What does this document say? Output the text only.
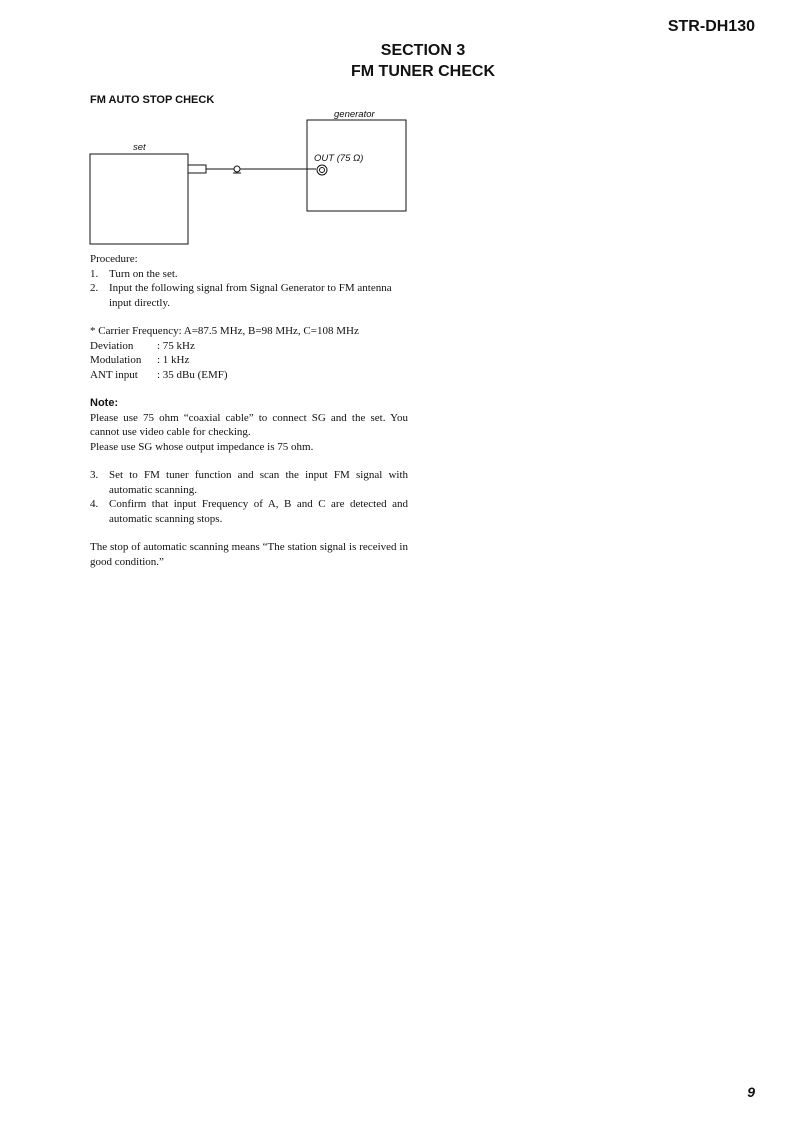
STR-DH130
SECTION 3
FM TUNER CHECK
FM AUTO STOP CHECK
set
generator
OUT (75 Ω)

Procedure:

1. Turn on the set.
2. Input the following signal from Signal Generator to FM antenna input directly.

* Carrier Frequency: A=87.5 MHz, B=98 MHz, C=108 MHz

Deviation	: 75 kHz
Modulation	: 1 kHz
ANT input	: 35 dBu (EMF)

Note:

Please use 75 ohm “coaxial cable” to connect SG and the set. You cannot use video cable for checking.

Please use SG whose output impedance is 75 ohm.

3. Set to FM tuner function and scan the input FM signal with automatic scanning.
4. Confirm that input Frequency of A, B and C are detected and automatic scanning stops.

The stop of automatic scanning means “The station signal is received in good condition.”

9
